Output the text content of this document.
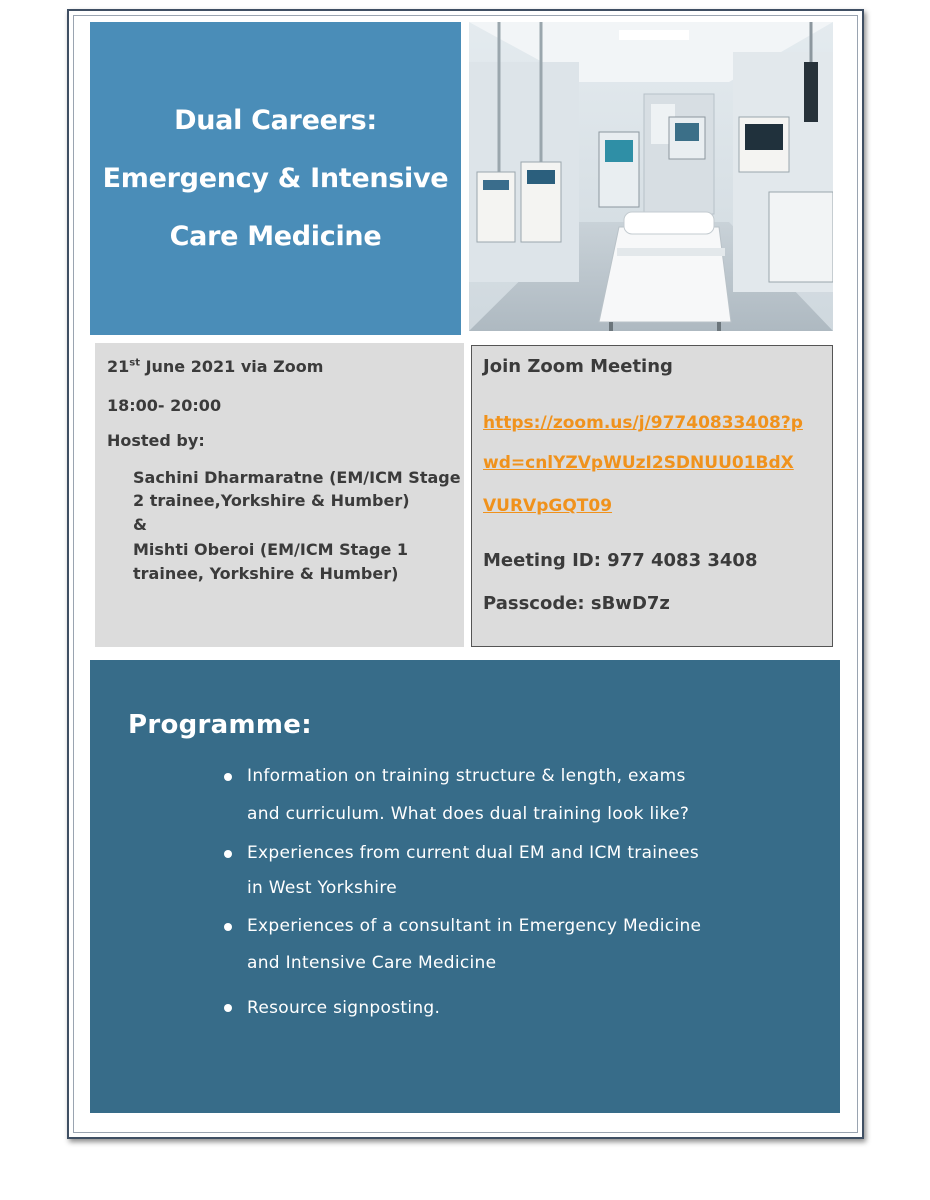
Dual Careers:
Emergency & Intensive
Care Medicine
21st June 2021 via Zoom
18:00- 20:00
Hosted by:
Sachini Dharmaratne (EM/ICM Stage
2 trainee,Yorkshire & Humber)
&
Mishti Oberoi (EM/ICM Stage 1
trainee, Yorkshire & Humber)
Join Zoom Meeting
https://zoom.us/j/97740833408?p
wd=cnlYZVpWUzI2SDNUU01BdX
VURVpGQT09
Meeting ID: 977 4083 3408
Passcode: sBwD7z
Programme:
Information on training structure & length, exams
and curriculum. What does dual training look like?
Experiences from current dual EM and ICM trainees
in West Yorkshire
Experiences of a consultant in Emergency Medicine
and Intensive Care Medicine
Resource signposting.
